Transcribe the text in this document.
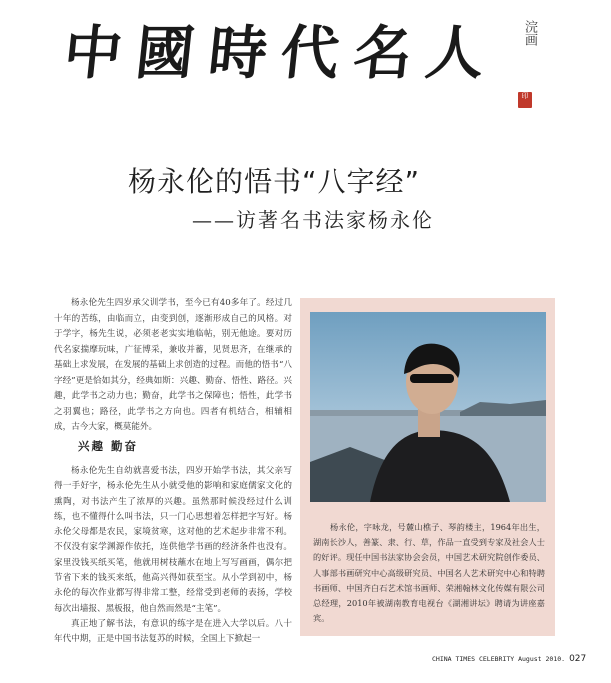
中 國 時 代 名 人	浣画
印
杨永伦的悟书“八字经”
——访著名书法家杨永伦

杨永伦先生四岁承父训学书，至今已有40多年了。经过几十年的苦练，由临而立，由变到创，逐渐形成自己的风格。对于学字，杨先生说，必须老老实实地临帖，别无他途。要对历代名家揣摩玩味，广征博采，兼收并蓄，见贤思齐，在继承的基础上求发展，在发展的基础上求创造的过程。而他的悟书“八字经”更是恰如其分，经典如斯：兴趣、勤奋、悟性、路径。兴趣，此学书之动力也；勤奋，此学书之保障也；悟性，此学书之羽翼也；路径，此学书之方向也。四者有机结合，相辅相成，古今大家，概莫能外。

兴趣 勤奋

杨永伦先生自幼就喜爱书法，四岁开始学书法，其父亲写得一手好字，杨永伦先生从小就受他的影响和家庭儒家文化的熏陶，对书法产生了浓厚的兴趣。虽然那时候没经过什么训练，也不懂得什么叫书法，只一门心思想着怎样把字写好。杨永伦父母都是农民，家境贫寒，这对他的艺术起步非常不利。不仅没有家学渊源作依托，连供他学书画的经济条件也没有。家里没钱买纸买笔，他就用树枝蘸水在地上写写画画，偶尔把节省下来的钱买来纸，他高兴得如获至宝。从小学到初中，杨永伦的每次作业都写得非常工整，经常受到老师的表扬，学校每次出墙报、黑板报，他自然而然是“主笔”。

真正地了解书法，有意识的练字是在进入大学以后。八十年代中期，正是中国书法复苏的时候，全国上下掀起一

杨永伦，字咏龙，号麓山樵子、琴韵楼主，1964年出生，湖南长沙人，善篆、隶、行、草，作品一直受到专家及社会人士的好评。现任中国书法家协会会员，中国艺术研究院创作委员、人事部书画研究中心高级研究员、中国名人艺术研究中心和特聘书画师、中国齐白石艺术馆书画师、荣湘翰林文化传媒有限公司总经理，2010年被湖南教育电视台《湖湘讲坛》聘请为讲座嘉宾。

CHINA TIMES CELEBRITY August 2010. 027
